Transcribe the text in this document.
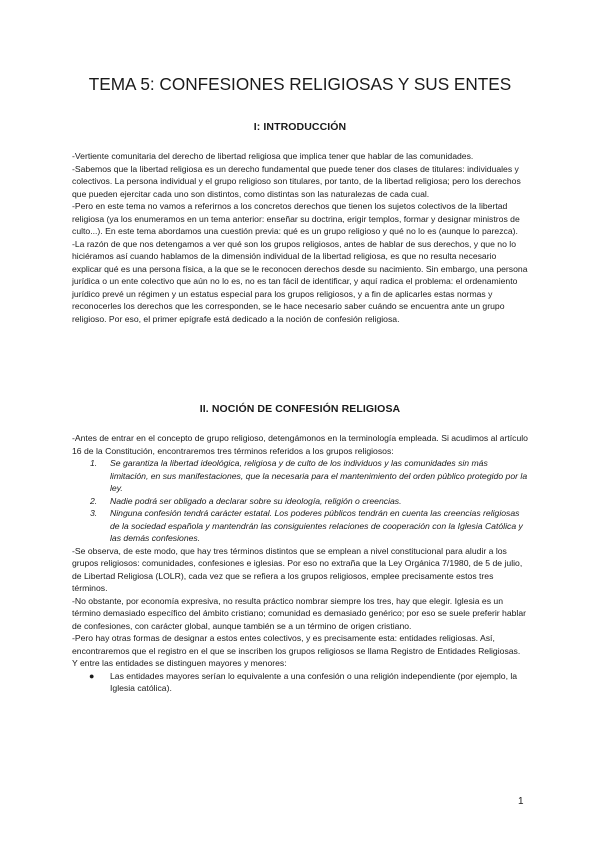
TEMA 5: CONFESIONES RELIGIOSAS Y SUS ENTES
I: INTRODUCCIÓN

-Vertiente comunitaria del derecho de libertad religiosa que implica tener que hablar de las comunidades.

-Sabemos que la libertad religiosa es un derecho fundamental que puede tener dos clases de titulares: individuales y colectivos. La persona individual y el grupo religioso son titulares, por tanto, de la libertad religiosa; pero los derechos que pueden ejercitar cada uno son distintos, como distintas son las naturalezas de cada cual.

-Pero en este tema no vamos a referirnos a los concretos derechos que tienen los sujetos colectivos de la libertad religiosa (ya los enumeramos en un tema anterior: enseñar su doctrina, erigir templos, formar y designar ministros de culto...). En este tema abordamos una cuestión previa: qué es un grupo religioso y qué no lo es (aunque lo parezca).

-La razón de que nos detengamos a ver qué son los grupos religiosos, antes de hablar de sus derechos, y que no lo hiciéramos así cuando hablamos de la dimensión individual de la libertad religiosa, es que no resulta necesario explicar qué es una persona física, a la que se le reconocen derechos desde su nacimiento. Sin embargo, una persona jurídica o un ente colectivo que aún no lo es, no es tan fácil de identificar, y aquí radica el problema: el ordenamiento jurídico prevé un régimen y un estatus especial para los grupos religiosos, y a fin de aplicarles estas normas y reconocerles los derechos que les corresponden, se le hace necesario saber cuándo se encuentra ante un grupo religioso. Por eso, el primer epígrafe está dedicado a la noción de confesión religiosa.

II. NOCIÓN DE CONFESIÓN RELIGIOSA

-Antes de entrar en el concepto de grupo religioso, detengámonos en la terminología empleada. Si acudimos al artículo 16 de la Constitución, encontraremos tres términos referidos a los grupos religiosos:

1. Se garantiza la libertad ideológica, religiosa y de culto de los individuos y las comunidades sin más limitación, en sus manifestaciones, que la necesaria para el mantenimiento del orden público protegido por la ley.
2. Nadie podrá ser obligado a declarar sobre su ideología, religión o creencias.
3. Ninguna confesión tendrá carácter estatal. Los poderes públicos tendrán en cuenta las creencias religiosas de la sociedad española y mantendrán las consiguientes relaciones de cooperación con la Iglesia Católica y las demás confesiones.

-Se observa, de este modo, que hay tres términos distintos que se emplean a nivel constitucional para aludir a los grupos religiosos: comunidades, confesiones e iglesias. Por eso no extraña que la Ley Orgánica 7/1980, de 5 de julio, de Libertad Religiosa (LOLR), cada vez que se refiera a los grupos religiosos, emplee precisamente estos tres términos.

-No obstante, por economía expresiva, no resulta práctico nombrar siempre los tres, hay que elegir. Iglesia es un término demasiado específico del ámbito cristiano; comunidad es demasiado genérico; por eso se suele preferir hablar de confesiones, con carácter global, aunque también se a un término de origen cristiano.

-Pero hay otras formas de designar a estos entes colectivos, y es precisamente esta: entidades religiosas. Así, encontraremos que el registro en el que se inscriben los grupos religiosos se llama Registro de Entidades Religiosas. Y entre las entidades se distinguen mayores y menores:

● Las entidades mayores serían lo equivalente a una confesión o una religión independiente (por ejemplo, la Iglesia católica).
1
